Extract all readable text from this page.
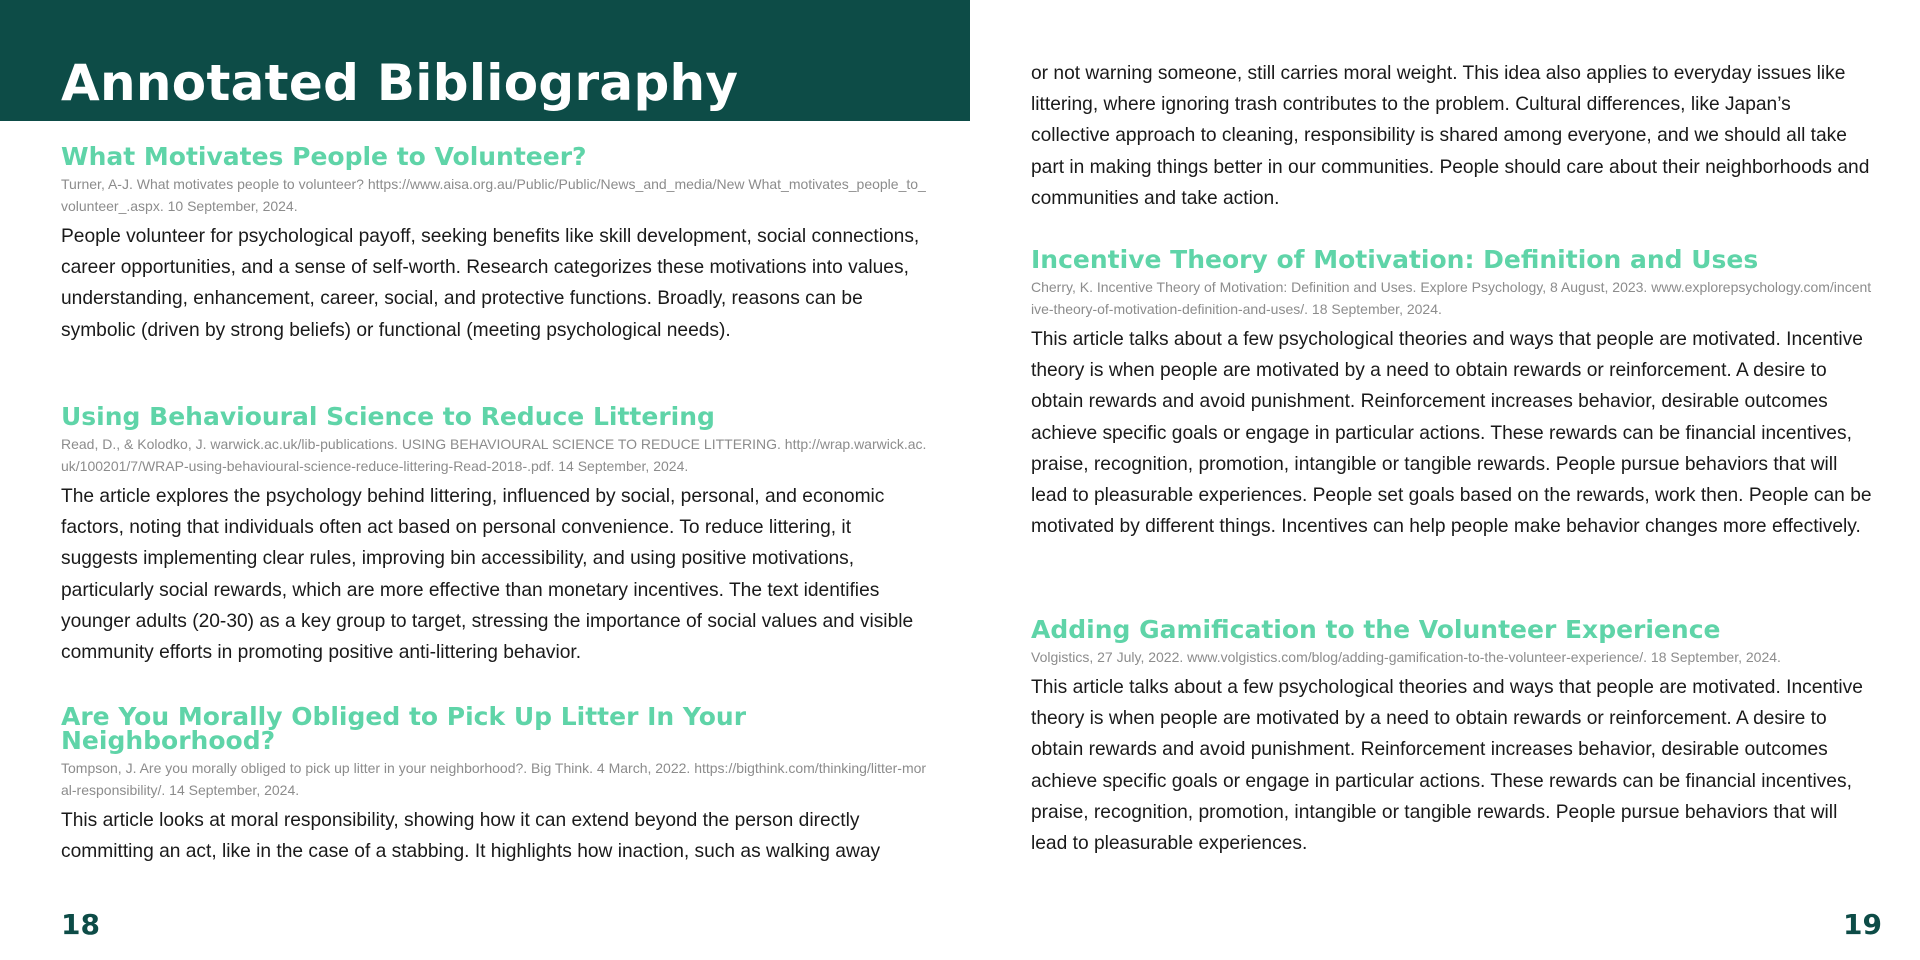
Annotated Bibliography
What Motivates People to Volunteer?

Turner, A-J. What motivates people to volunteer? https://www.aisa.org.au/Public/Public/News_and_media/New What_motivates_people_to_volunteer_.aspx. 10 September, 2024.

People volunteer for psychological payoff, seeking benefits like skill development, social connections, career opportunities, and a sense of self-worth. Research categorizes these motivations into values, understanding, enhancement, career, social, and protective functions. Broadly, reasons can be symbolic (driven by strong beliefs) or functional (meeting psychological needs).

Using Behavioural Science to Reduce Littering

Read, D., & Kolodko, J. warwick.ac.uk/lib-publications. USING BEHAVIOURAL SCIENCE TO REDUCE LITTERING. http://wrap.warwick.ac.uk/100201/7/WRAP-using-behavioural-science-reduce-littering-Read-2018-.pdf. 14 September, 2024.

The article explores the psychology behind littering, influenced by social, personal, and economic factors, noting that individuals often act based on personal convenience. To reduce littering, it suggests implementing clear rules, improving bin accessibility, and using positive motivations, particularly social rewards, which are more effective than monetary incentives. The text identifies younger adults (20-30) as a key group to target, stressing the importance of social values and visible community efforts in promoting positive anti-littering behavior.

Are You Morally Obliged to Pick Up Litter In Your Neighborhood?

Tompson, J. Are you morally obliged to pick up litter in your neighborhood?. Big Think. 4 March, 2022. https://bigthink.com/thinking/litter-moral-responsibility/. 14 September, 2024.

This article looks at moral responsibility, showing how it can extend beyond the person directly committing an act, like in the case of a stabbing. It highlights how inaction, such as walking away

18

or not warning someone, still carries moral weight. This idea also applies to everyday issues like littering, where ignoring trash contributes to the problem. Cultural differences, like Japan’s collective approach to cleaning, responsibility is shared among everyone, and we should all take part in making things better in our communities. People should care about their neighborhoods and communities and take action.

Incentive Theory of Motivation: Definition and Uses

Cherry, K. Incentive Theory of Motivation: Definition and Uses. Explore Psychology, 8 August, 2023. www.explorepsychology.com/incentive-theory-of-motivation-definition-and-uses/. 18 September, 2024.

This article talks about a few psychological theories and ways that people are motivated. Incentive theory is when people are motivated by a need to obtain rewards or reinforcement. A desire to obtain rewards and avoid punishment. Reinforcement increases behavior, desirable outcomes achieve specific goals or engage in particular actions. These rewards can be financial incentives, praise, recognition, promotion, intangible or tangible rewards. People pursue behaviors that will lead to pleasurable experiences. People set goals based on the rewards, work then. People can be motivated by different things. Incentives can help people make behavior changes more effectively.

Adding Gamification to the Volunteer Experience

Volgistics, 27 July, 2022. www.volgistics.com/blog/adding-gamification-to-the-volunteer-experience/. 18 September, 2024.

This article talks about a few psychological theories and ways that people are motivated. Incentive theory is when people are motivated by a need to obtain rewards or reinforcement. A desire to obtain rewards and avoid punishment. Reinforcement increases behavior, desirable outcomes achieve specific goals or engage in particular actions. These rewards can be financial incentives, praise, recognition, promotion, intangible or tangible rewards. People pursue behaviors that will lead to pleasurable experiences.

19
